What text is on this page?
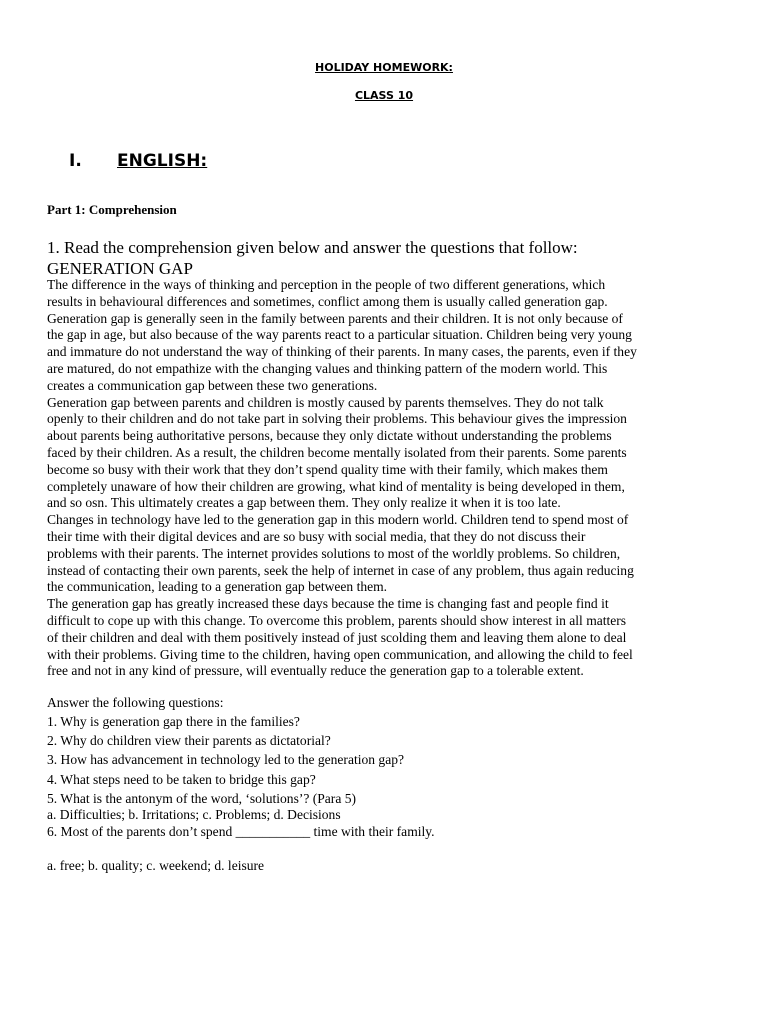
HOLIDAY HOMEWORK:
CLASS 10
I. ENGLISH:
Part 1: Comprehension
1. Read the comprehension given below and answer the questions that follow:
GENERATION GAP
The difference in the ways of thinking and perception in the people of two different generations, which
results in behavioural differences and sometimes, conflict among them is usually called generation gap.
Generation gap is generally seen in the family between parents and their children. It is not only because of
the gap in age, but also because of the way parents react to a particular situation. Children being very young
and immature do not understand the way of thinking of their parents. In many cases, the parents, even if they
are matured, do not empathize with the changing values and thinking pattern of the modern world. This
creates a communication gap between these two generations.
Generation gap between parents and children is mostly caused by parents themselves. They do not talk
openly to their children and do not take part in solving their problems. This behaviour gives the impression
about parents being authoritative persons, because they only dictate without understanding the problems
faced by their children. As a result, the children become mentally isolated from their parents. Some parents
become so busy with their work that they don’t spend quality time with their family, which makes them
completely unaware of how their children are growing, what kind of mentality is being developed in them,
and so osn. This ultimately creates a gap between them. They only realize it when it is too late.
Changes in technology have led to the generation gap in this modern world. Children tend to spend most of
their time with their digital devices and are so busy with social media, that they do not discuss their
problems with their parents. The internet provides solutions to most of the worldly problems. So children,
instead of contacting their own parents, seek the help of internet in case of any problem, thus again reducing
the communication, leading to a generation gap between them.
The generation gap has greatly increased these days because the time is changing fast and people find it
difficult to cope up with this change. To overcome this problem, parents should show interest in all matters
of their children and deal with them positively instead of just scolding them and leaving them alone to deal
with their problems. Giving time to the children, having open communication, and allowing the child to feel
free and not in any kind of pressure, will eventually reduce the generation gap to a tolerable extent.
Answer the following questions:
1. Why is generation gap there in the families?
2. Why do children view their parents as dictatorial?
3. How has advancement in technology led to the generation gap?
4. What steps need to be taken to bridge this gap?
5. What is the antonym of the word, ‘solutions’? (Para 5)
a. Difficulties; b. Irritations; c. Problems; d. Decisions
6. Most of the parents don’t spend ___________ time with their family.
a. free; b. quality; c. weekend; d. leisure
